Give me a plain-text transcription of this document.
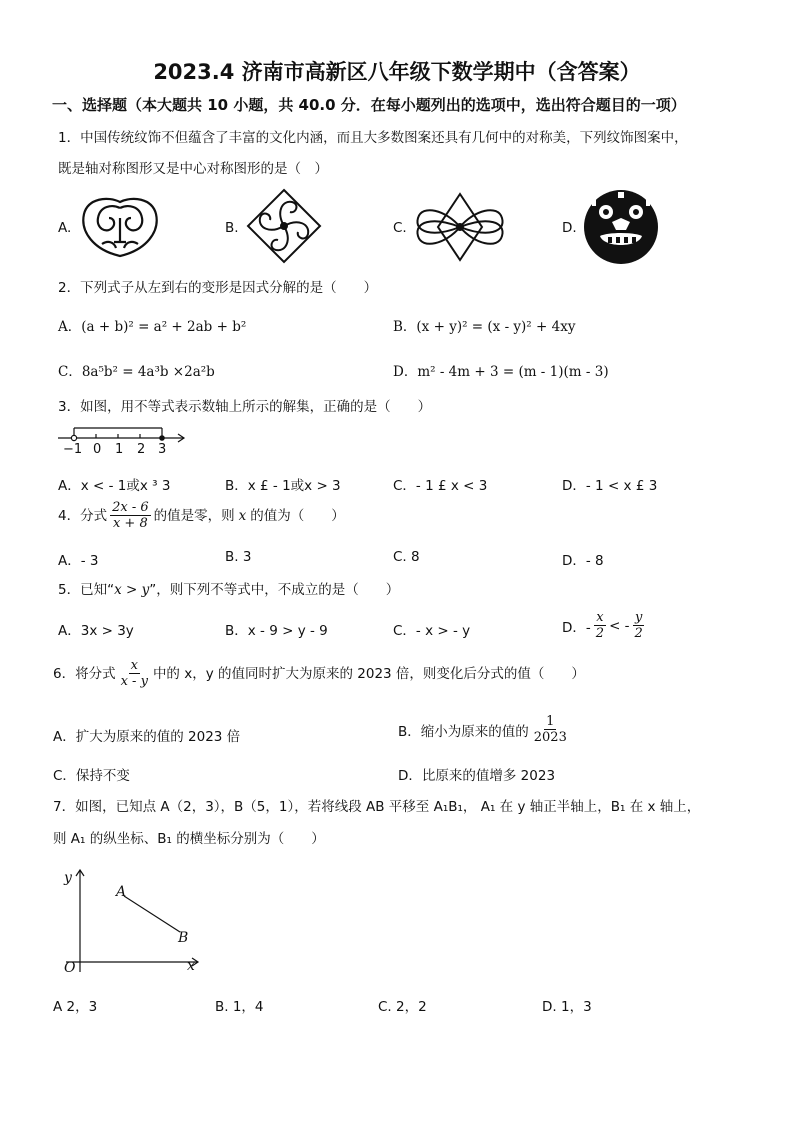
2023.4 济南市高新区八年级下数学期中（含答案）
一、选择题（本大题共 10 小题，共 40.0 分．在每小题列出的选项中，选出符合题目的一项）
1．中国传统纹饰不但蕴含了丰富的文化内涵，而且大多数图案还具有几何中的对称美，下列纹饰图案中，
既是轴对称图形又是中心对称图形的是（　）
A.	B.	C.	D.
2．下列式子从左到右的变形是因式分解的是（　　）
A．(a + b)² = a² + 2ab + b²	B．(x + y)² = (x - y)² + 4xy
C．8a⁵b² = 4a³b ×2a²b	D．m² - 4m + 3 = (m - 1)(m - 3)
3．如图，用不等式表示数轴上所示的解集，正确的是（　　）
−1 0 1 2 3
A．x < - 1或x ³ 3	B．x £ - 1或x > 3	C．- 1 £ x < 3	D．- 1 < x £ 3
4．分式 $\frac{2x - 6}{x + 8}$ 的值是零，则 x 的值为（　　）
A．- 3	B. 3	C. 8	D．- 8
5．已知“x > y”，则下列不等式中，不成立的是（　　）
A．3x > 3y	B．x - 9 > y - 9	C．- x > - y	D．- $\frac{x}{2}$ < - $\frac{y}{2}$
6．将分式 $\frac{x}{x - y}$ 中的 x，y 的值同时扩大为原来的 2023 倍，则变化后分式的值（　　）
A．扩大为原来的值的 2023 倍	B．缩小为原来的值的 $\frac{1}{2023}$
C．保持不变	D．比原来的值增多 2023
7．如图，已知点 A（2，3），B（5，1），若将线段 AB 平移至 A₁B₁， A₁ 在 y 轴正半轴上，B₁ 在 x 轴上，
则 A₁ 的纵坐标、B₁ 的横坐标分别为（　　）
y
x
O
A
B
A 2，3	B. 1，4	C. 2，2	D. 1，3
